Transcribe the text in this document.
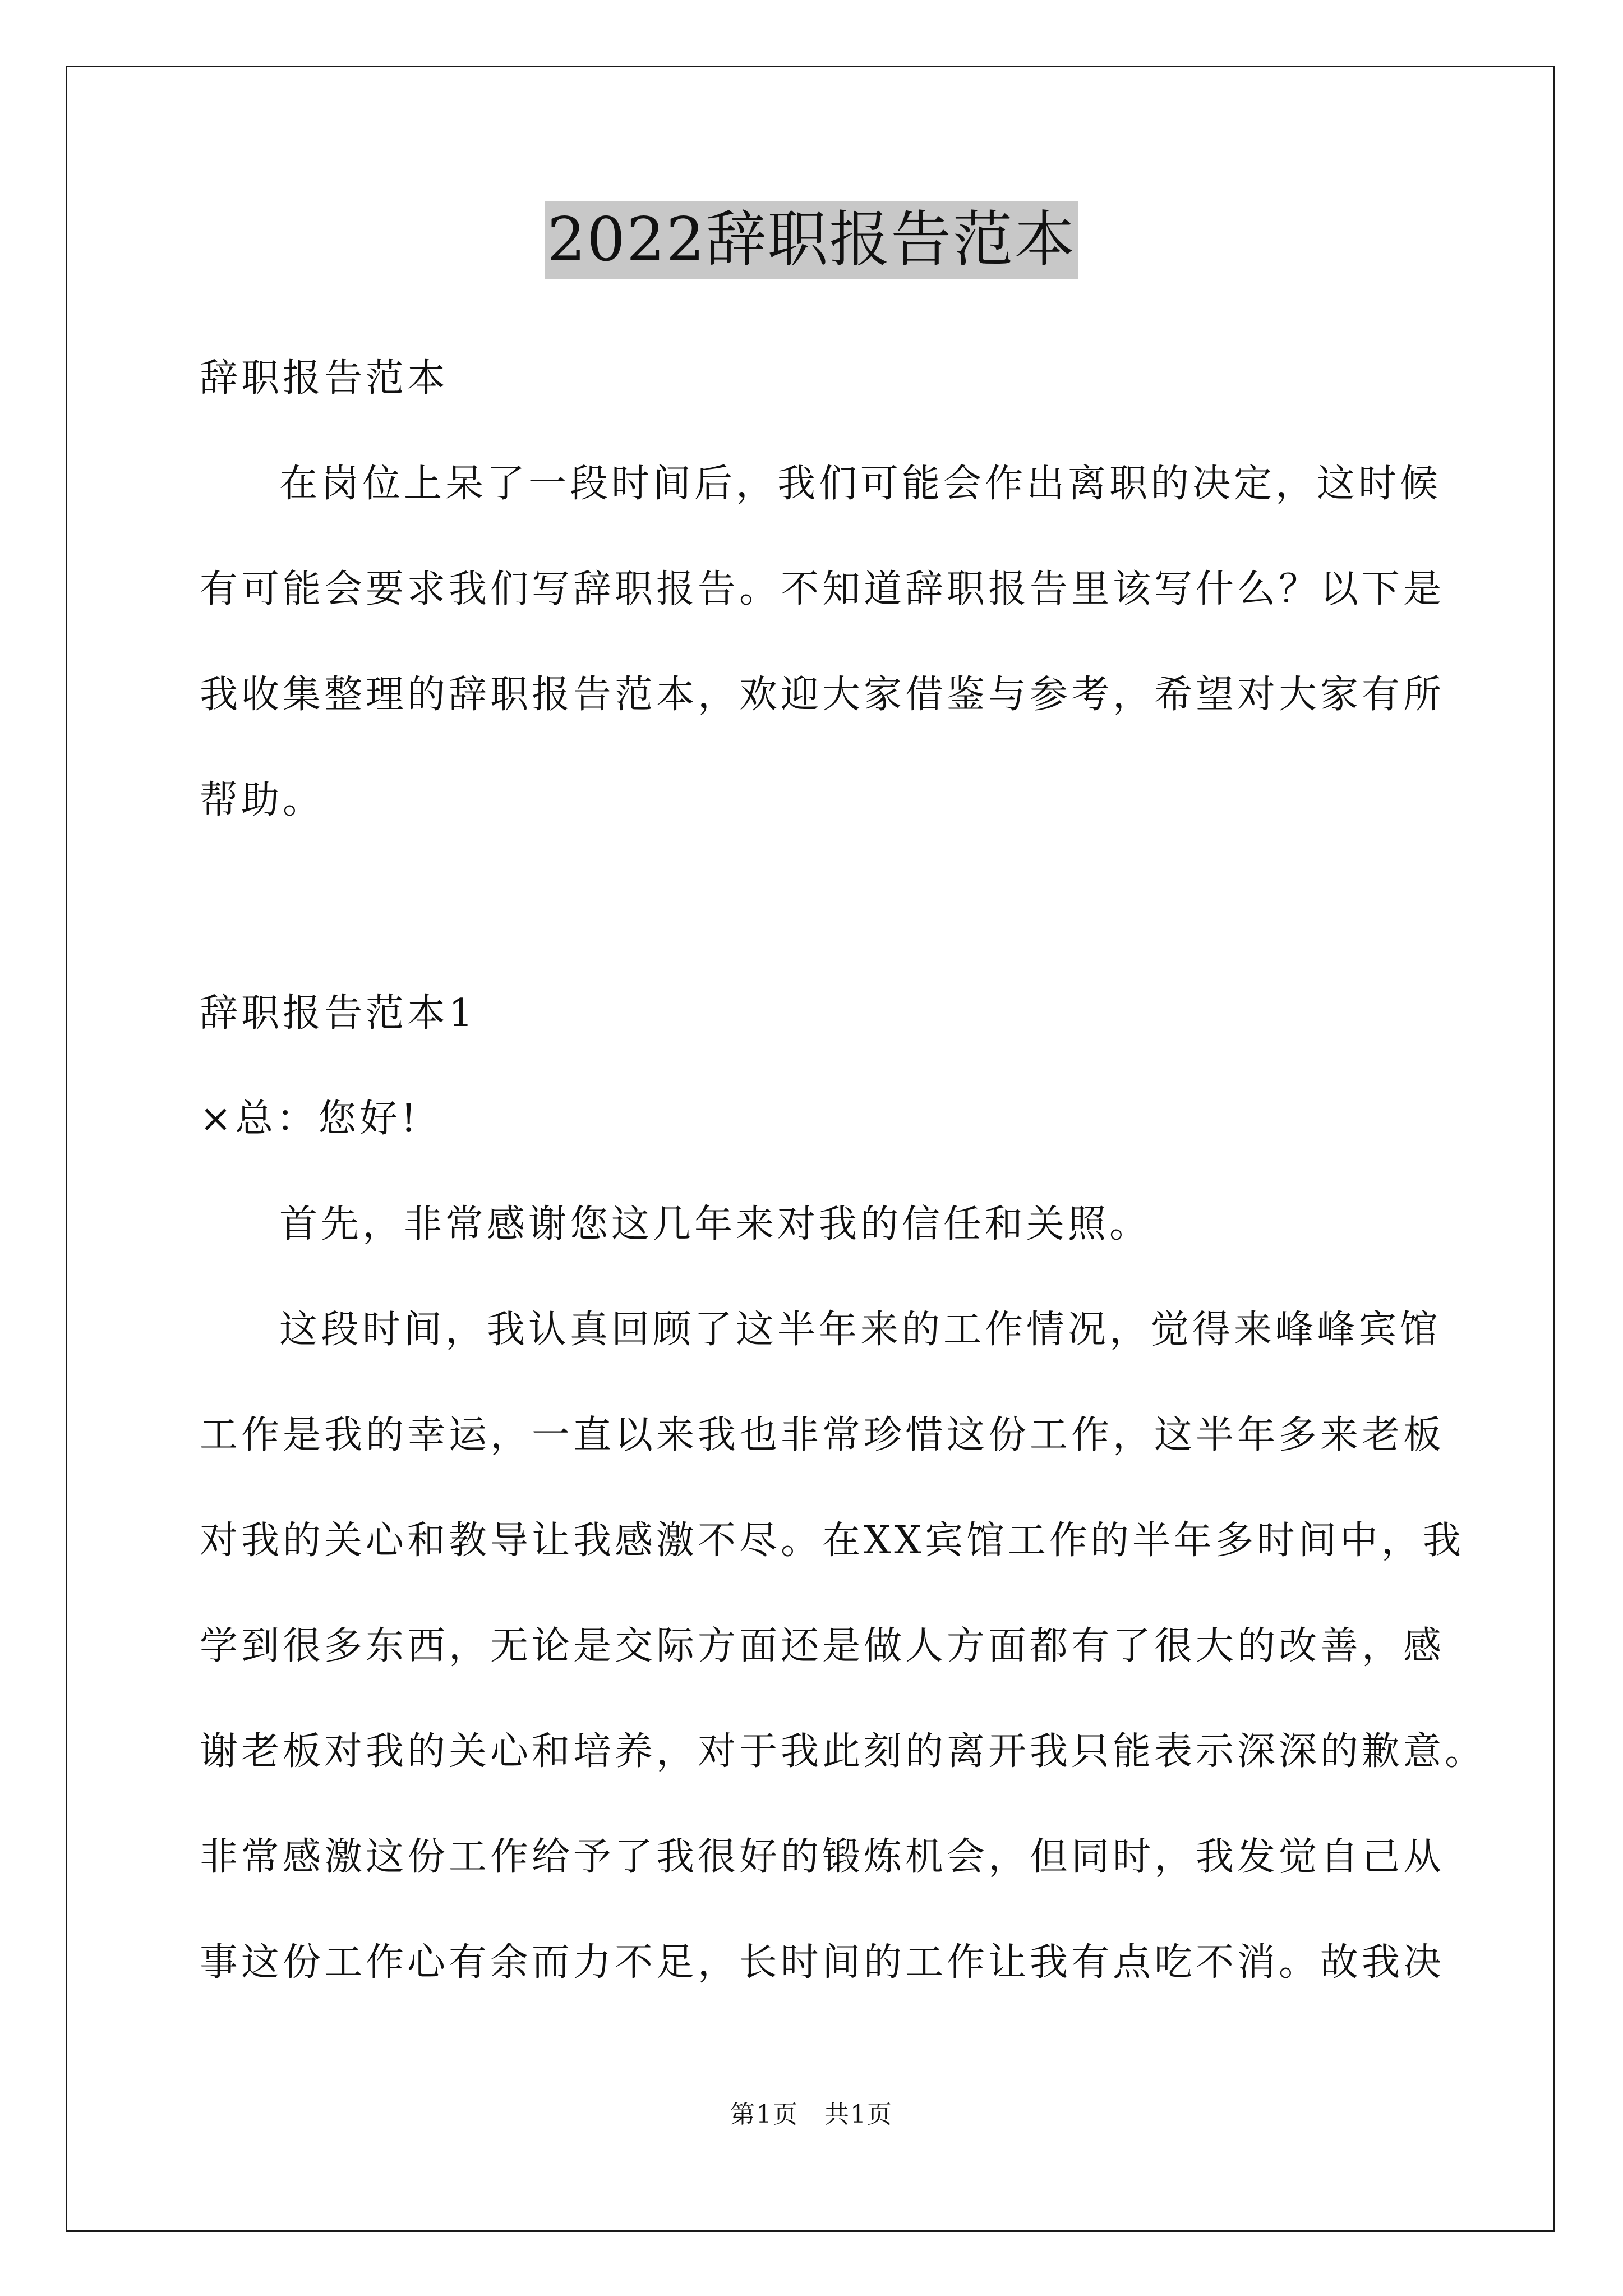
2022辞职报告范本
辞职报告范本
在岗位上呆了一段时间后，我们可能会作出离职的决定，这时候
有可能会要求我们写辞职报告。不知道辞职报告里该写什么？以下是
我收集整理的辞职报告范本，欢迎大家借鉴与参考，希望对大家有所
帮助。
辞职报告范本1
×总：您好!
首先，非常感谢您这几年来对我的信任和关照。
这段时间，我认真回顾了这半年来的工作情况，觉得来峰峰宾馆
工作是我的幸运，一直以来我也非常珍惜这份工作，这半年多来老板
对我的关心和教导让我感激不尽。在XX宾馆工作的半年多时间中，我
学到很多东西，无论是交际方面还是做人方面都有了很大的改善，感
谢老板对我的关心和培养，对于我此刻的离开我只能表示深深的歉意。
非常感激这份工作给予了我很好的锻炼机会，但同时，我发觉自己从
事这份工作心有余而力不足，长时间的工作让我有点吃不消。故我决
第1页　共1页
